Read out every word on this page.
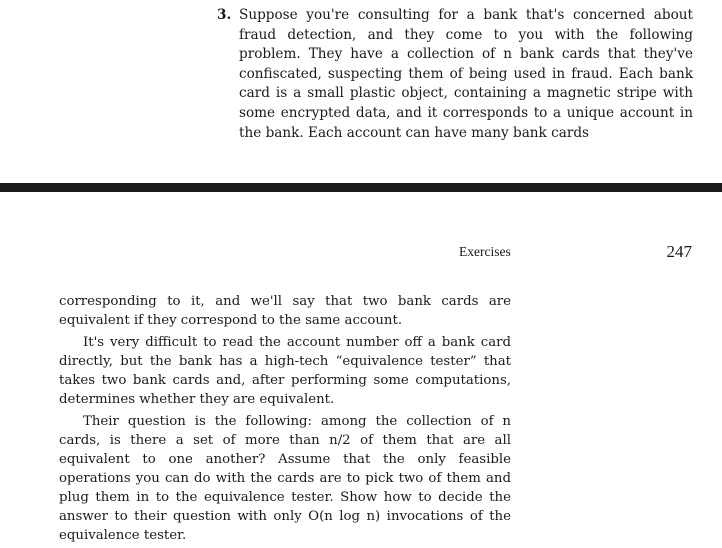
3. Suppose you're consulting for a bank that's concerned about fraud detection, and they come to you with the following problem. They have a collection of n bank cards that they've confiscated, suspecting them of being used in fraud. Each bank card is a small plastic object, containing a magnetic stripe with some encrypted data, and it corresponds to a unique account in the bank. Each account can have many bank cards
Exercises	247

corresponding to it, and we'll say that two bank cards are equivalent if they correspond to the same account.

It's very difficult to read the account number off a bank card directly, but the bank has a high-tech “equivalence tester” that takes two bank cards and, after performing some computations, determines whether they are equivalent.

Their question is the following: among the collection of n cards, is there a set of more than n/2 of them that are all equivalent to one another? Assume that the only feasible operations you can do with the cards are to pick two of them and plug them in to the equivalence tester. Show how to decide the answer to their question with only O(n log n) invocations of the equivalence tester.
